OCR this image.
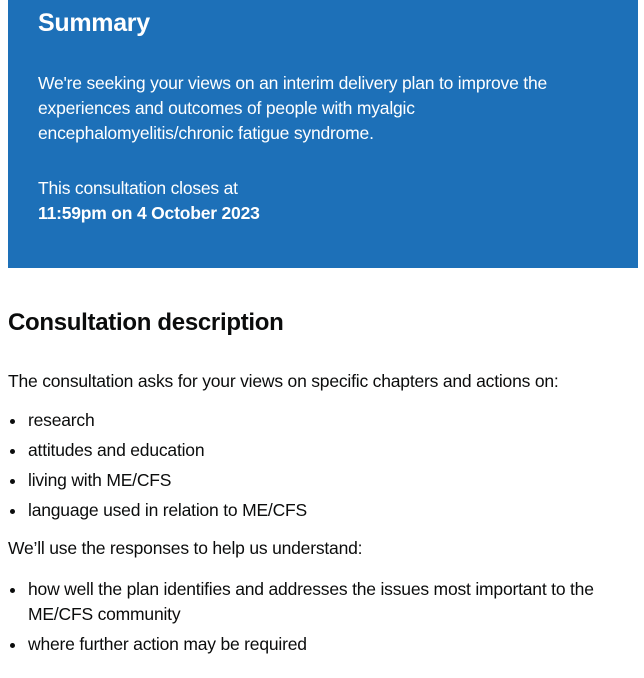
Summary

We're seeking your views on an interim delivery plan to improve the experiences and outcomes of people with myalgic encephalomyelitis/chronic fatigue syndrome.

This consultation closes at

11:59pm on 4 October 2023

Consultation description

The consultation asks for your views on specific chapters and actions on:

research
attitudes and education
living with ME/CFS
language used in relation to ME/CFS

We’ll use the responses to help us understand:

how well the plan identifies and addresses the issues most important to the ME/CFS community
where further action may be required
